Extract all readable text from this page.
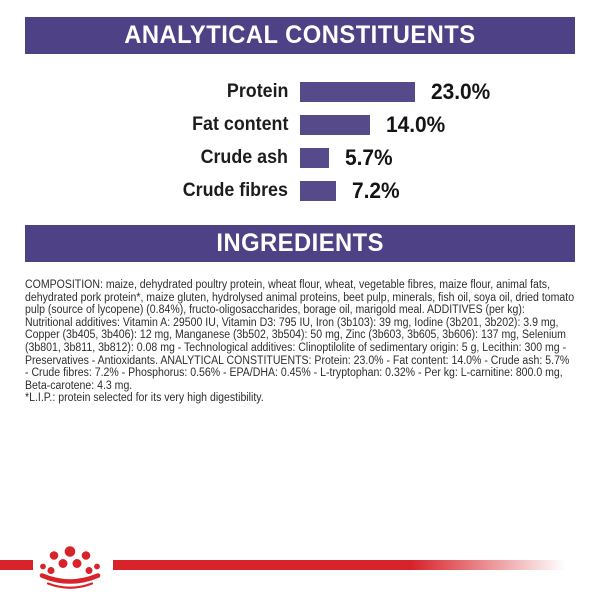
ANALYTICAL CONSTITUENTS
Protein	23.0%
Fat content	14.0%
Crude ash	5.7%
Crude fibres	7.2%
INGREDIENTS

COMPOSITION: maize, dehydrated poultry protein, wheat flour, wheat, vegetable fibres, maize flour, animal fats, dehydrated pork protein*, maize gluten, hydrolysed animal proteins, beet pulp, minerals, fish oil, soya oil, dried tomato pulp (source of lycopene) (0.84%), fructo-oligosaccharides, borage oil, marigold meal. ADDITIVES (per kg): Nutritional additives: Vitamin A: 29500 IU, Vitamin D3: 795 IU, Iron (3b103): 39 mg, Iodine (3b201, 3b202): 3.9 mg, Copper (3b405, 3b406): 12 mg, Manganese (3b502, 3b504): 50 mg, Zinc (3b603, 3b605, 3b606): 137 mg, Selenium (3b801, 3b811, 3b812): 0.08 mg - Technological additives: Clinoptilolite of sedimentary origin: 5 g, Lecithin: 300 mg - Preservatives - Antioxidants. ANALYTICAL CONSTITUENTS: Protein: 23.0% - Fat content: 14.0% - Crude ash: 5.7% - Crude fibres: 7.2% - Phosphorus: 0.56% - EPA/DHA: 0.45% - L-tryptophan: 0.32% - Per kg: L-carnitine: 800.0 mg, Beta-carotene: 4.3 mg.

*L.I.P.: protein selected for its very high digestibility.
